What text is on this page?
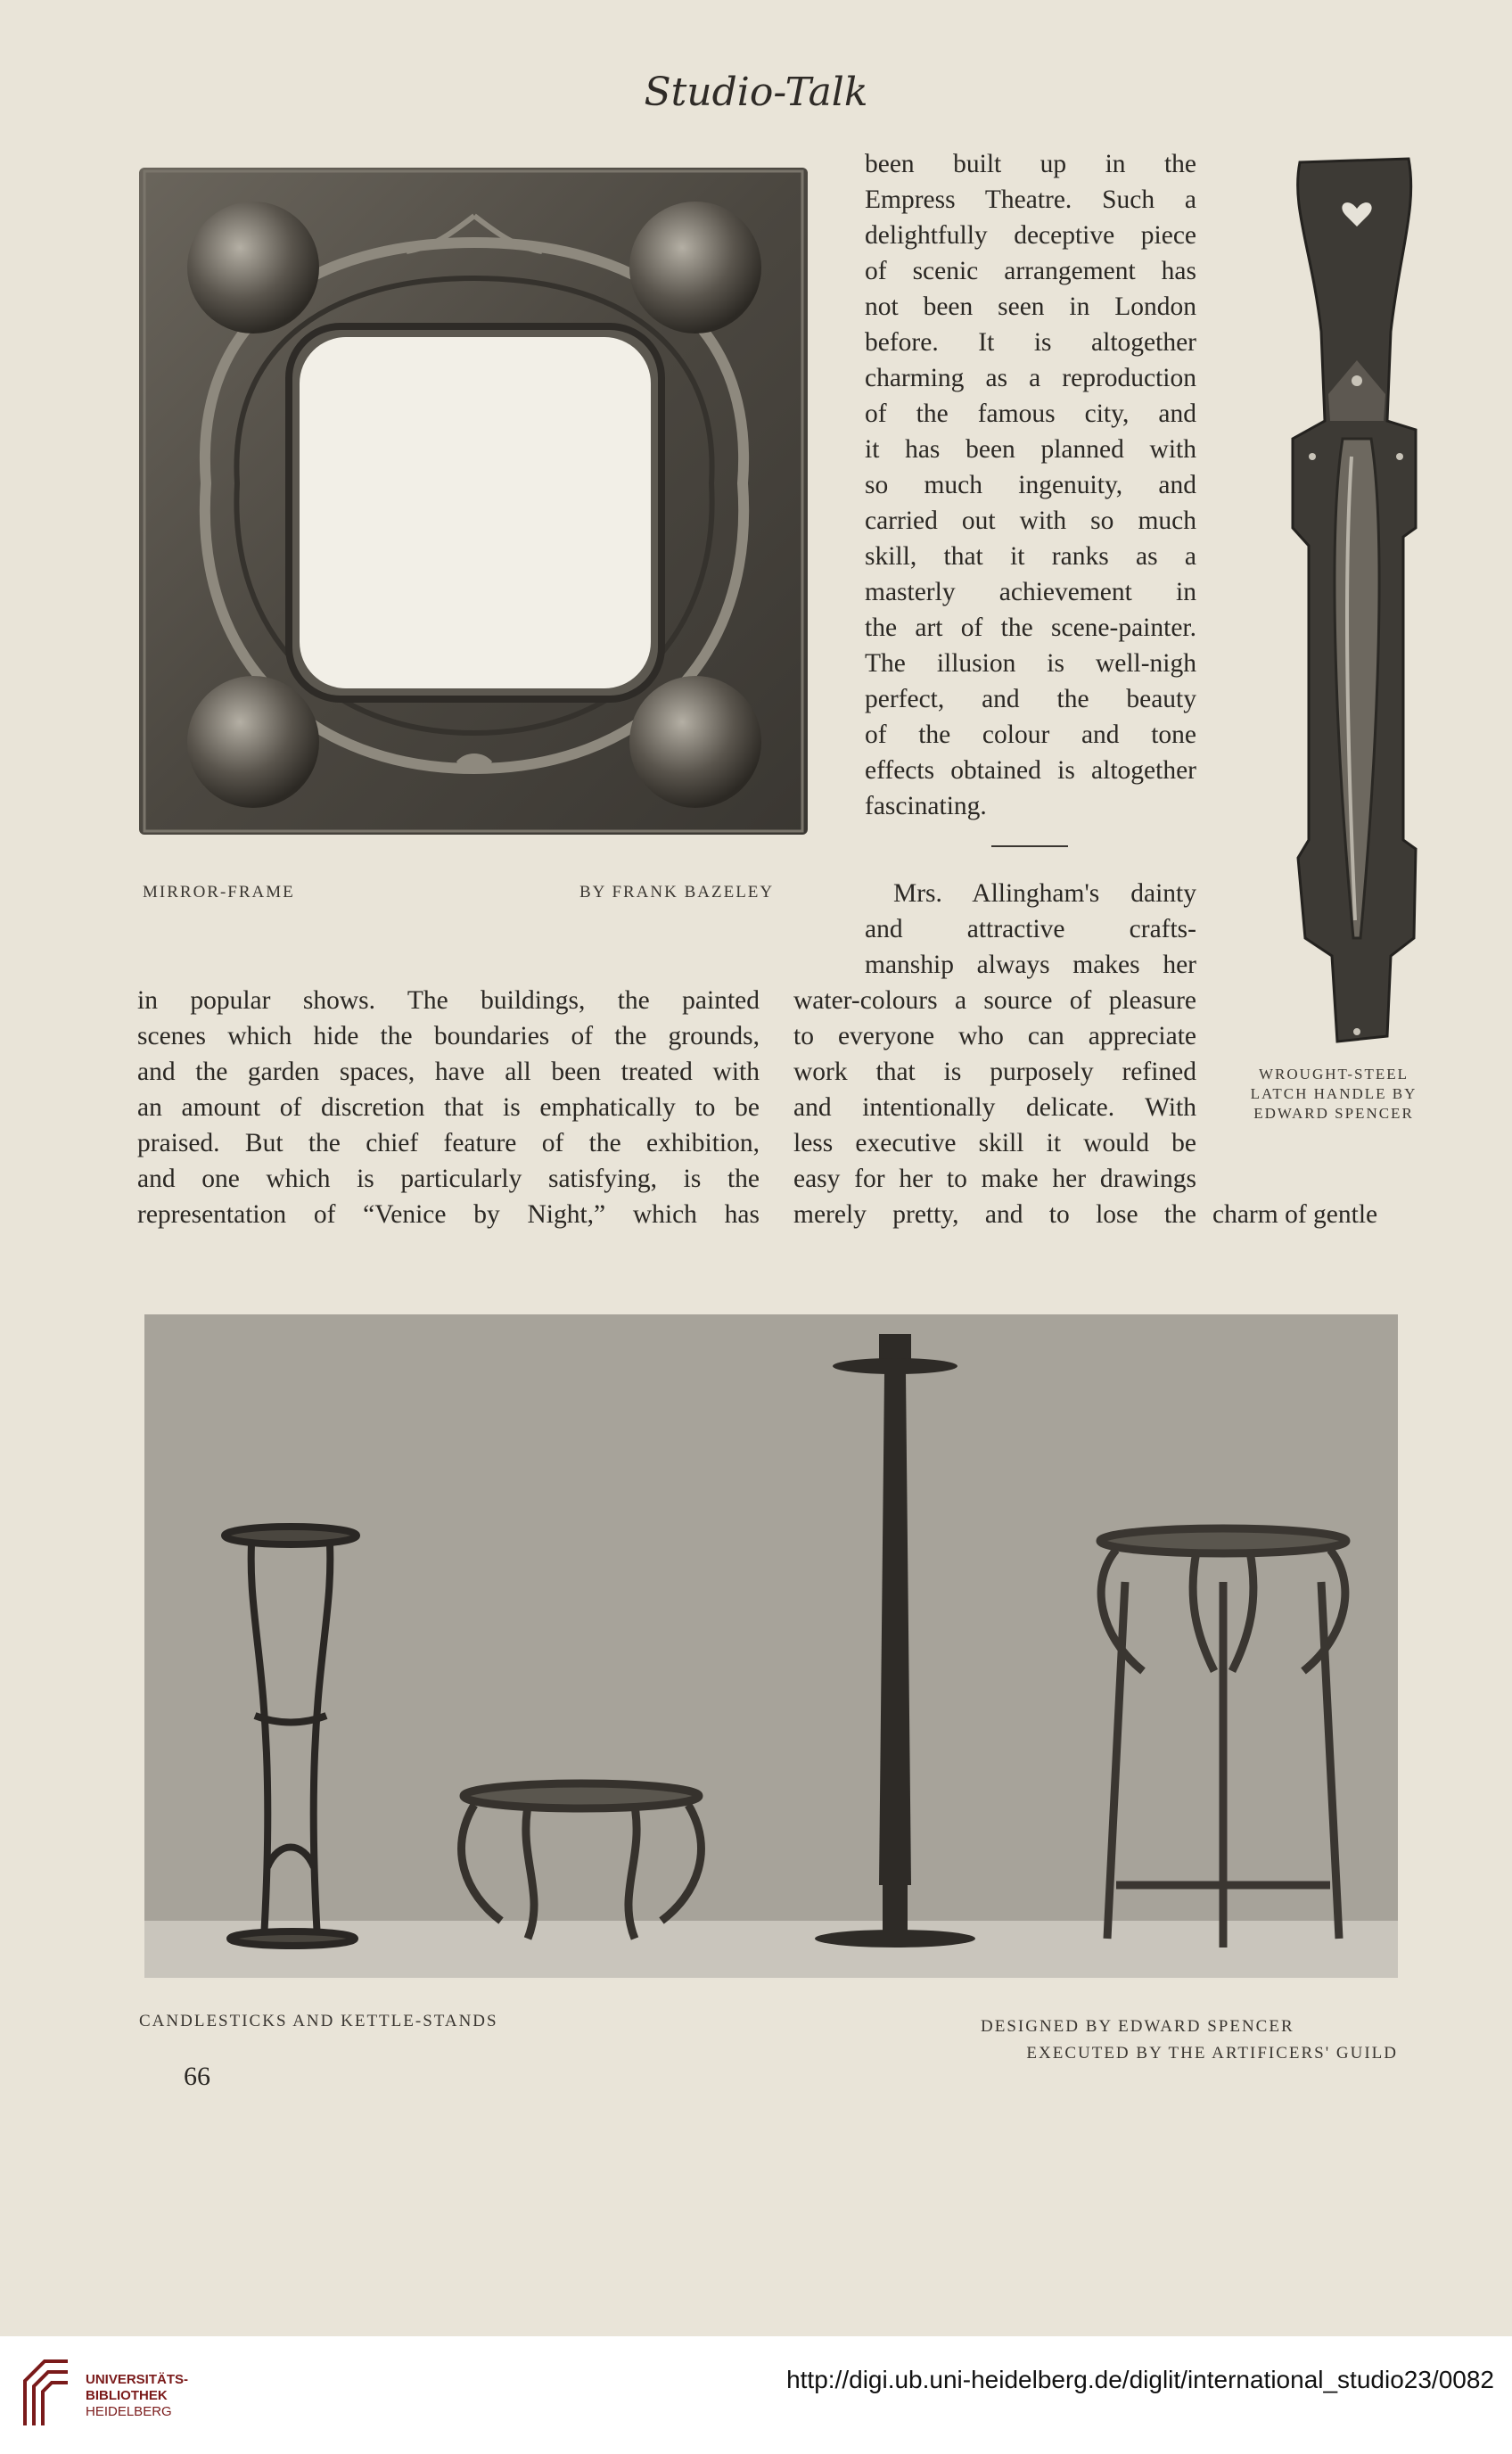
Studio-Talk
MIRROR-FRAME	BY FRANK BAZELEY
been built up in the
Empress Theatre. Such a
delightfully deceptive piece
of scenic arrangement has
not been seen in London
before. It is altogether
charming as a reproduction
of the famous city, and
it has been planned with
so much ingenuity, and
carried out with so much
skill, that it ranks as a
masterly achievement in
the art of the scene-painter.
The illusion is well-nigh
perfect, and the beauty
of the colour and tone
effects obtained is altogether
fascinating.
Mrs. Allingham's dainty
and attractive crafts-
manship always makes her
water-colours a source of pleasure
to everyone who can appreciate
work that is purposely refined
and intentionally delicate. With
less executive skill it would be
easy for her to make her drawings
merely pretty, and to lose the charm of gentle
in popular shows. The buildings, the painted
scenes which hide the boundaries of the grounds,
and the garden spaces, have all been treated with
an amount of discretion that is emphatically to be
praised. But the chief feature of the exhibition,
and one which is particularly satisfying, is the
representation of “Venice by Night,” which has
WROUGHT-STEEL
LATCH HANDLE BY
EDWARD SPENCER
CANDLESTICKS AND KETTLE-STANDS	DESIGNED BY EDWARD SPENCER
EXECUTED BY THE ARTIFICERS' GUILD
66
UNIVERSITÄTS-
BIBLIOTHEK
HEIDELBERG
http://digi.ub.uni-heidelberg.de/diglit/international_studio23/0082
